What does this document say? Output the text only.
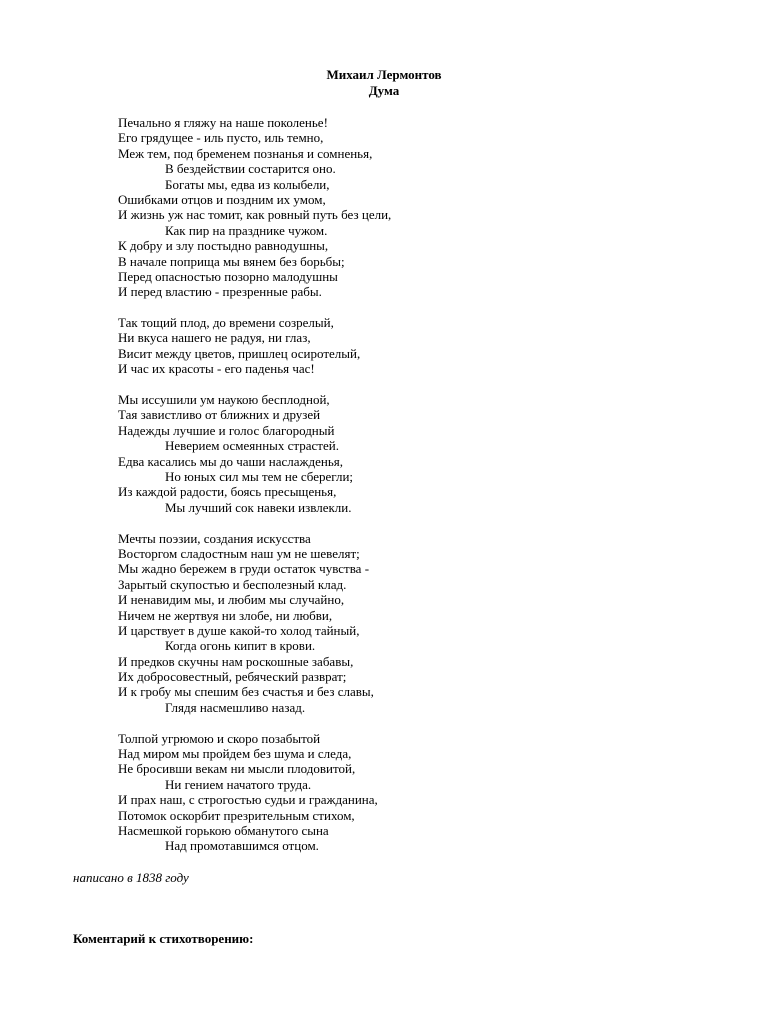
Михаил Лермонтов
Дума
Печально я гляжу на наше поколенье!
Его грядущее - иль пусто, иль темно,
Меж тем, под бременем познанья и сомненья,
В бездействии состарится оно.
Богаты мы, едва из колыбели,
Ошибками отцов и поздним их умом,
И жизнь уж нас томит, как ровный путь без цели,
Как пир на празднике чужом.
К добру и злу постыдно равнодушны,
В начале поприща мы вянем без борьбы;
Перед опасностью позорно малодушны
И перед властию - презренные рабы.
Так тощий плод, до времени созрелый,
Ни вкуса нашего не радуя, ни глаз,
Висит между цветов, пришлец осиротелый,
И час их красоты - его паденья час!
Мы иссушили ум наукою бесплодной,
Тая завистливо от ближних и друзей
Надежды лучшие и голос благородный
Неверием осмеянных страстей.
Едва касались мы до чаши наслажденья,
Но юных сил мы тем не сберегли;
Из каждой радости, боясь пресыщенья,
Мы лучший сок навеки извлекли.
Мечты поэзии, создания искусства
Восторгом сладостным наш ум не шевелят;
Мы жадно бережем в груди остаток чувства -
Зарытый скупостью и бесполезный клад.
И ненавидим мы, и любим мы случайно,
Ничем не жертвуя ни злобе, ни любви,
И царствует в душе какой-то холод тайный,
Когда огонь кипит в крови.
И предков скучны нам роскошные забавы,
Их добросовестный, ребяческий разврат;
И к гробу мы спешим без счастья и без славы,
Глядя насмешливо назад.
Толпой угрюмою и скоро позабытой
Над миром мы пройдем без шума и следа,
Не бросивши векам ни мысли плодовитой,
Ни гением начатого труда.
И прах наш, с строгостью судьи и гражданина,
Потомок оскорбит презрительным стихом,
Насмешкой горькою обманутого сына
Над промотавшимся отцом.
написано в 1838 году
Коментарий к стихотворению:
